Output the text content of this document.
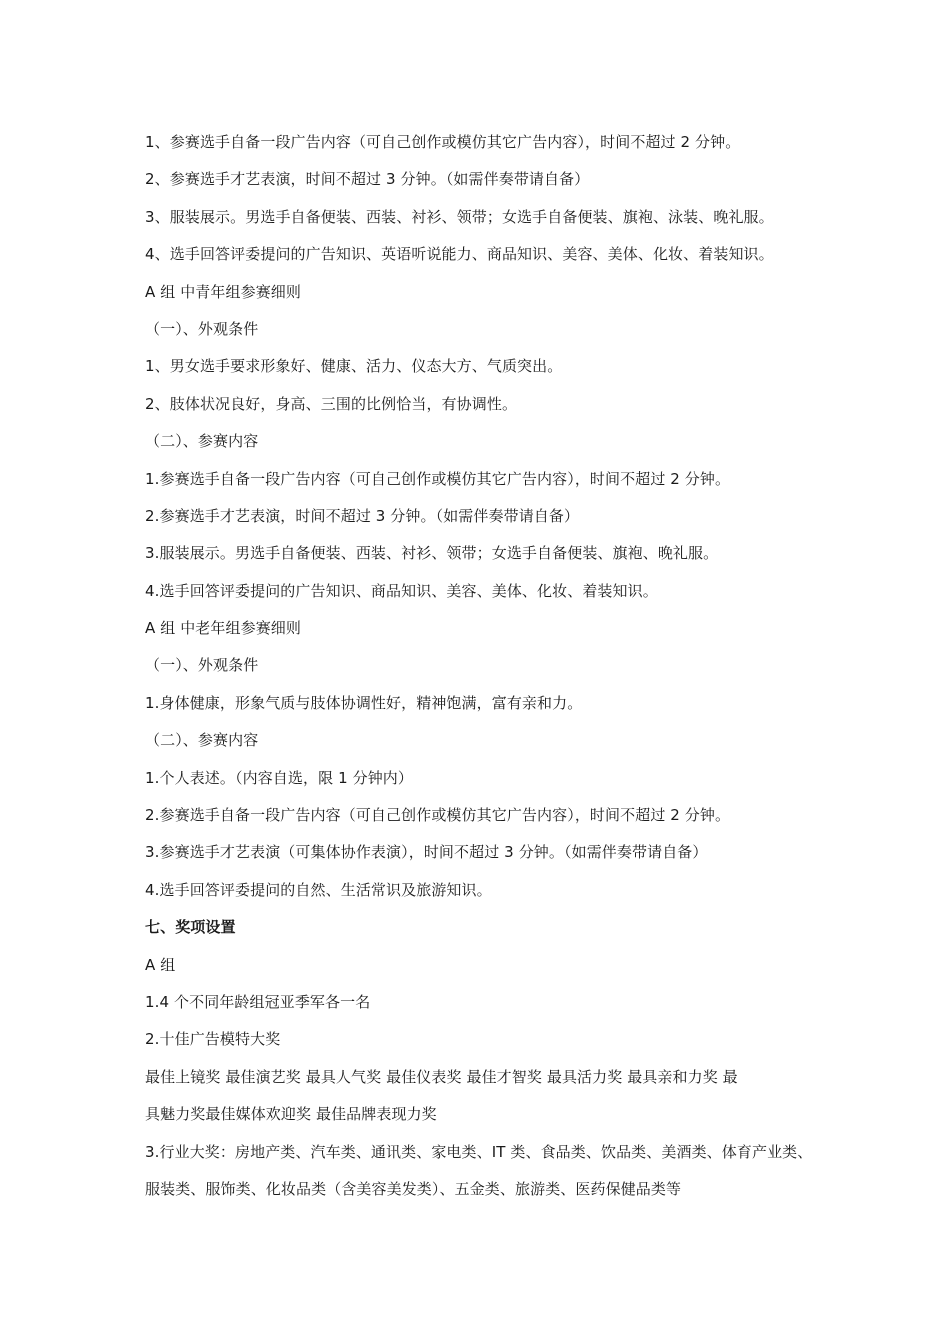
1、参赛选手自备一段广告内容（可自己创作或模仿其它广告内容），时间不超过 2 分钟。
2、参赛选手才艺表演，时间不超过 3 分钟。（如需伴奏带请自备）
3、服装展示。男选手自备便装、西装、衬衫、领带；女选手自备便装、旗袍、泳装、晚礼服。
4、选手回答评委提问的广告知识、英语听说能力、商品知识、美容、美体、化妆、着装知识。
A 组 中青年组参赛细则
（一）、外观条件
1、男女选手要求形象好、健康、活力、仪态大方、气质突出。
2、肢体状况良好，身高、三围的比例恰当，有协调性。
（二）、参赛内容
1.参赛选手自备一段广告内容（可自己创作或模仿其它广告内容），时间不超过 2 分钟。
2.参赛选手才艺表演，时间不超过 3 分钟。（如需伴奏带请自备）
3.服装展示。男选手自备便装、西装、衬衫、领带；女选手自备便装、旗袍、晚礼服。
4.选手回答评委提问的广告知识、商品知识、美容、美体、化妆、着装知识。
A 组 中老年组参赛细则
（一）、外观条件
1.身体健康，形象气质与肢体协调性好，精神饱满，富有亲和力。
（二）、参赛内容
1.个人表述。（内容自选，限 1 分钟内）
2.参赛选手自备一段广告内容（可自己创作或模仿其它广告内容），时间不超过 2 分钟。
3.参赛选手才艺表演（可集体协作表演），时间不超过 3 分钟。（如需伴奏带请自备）
4.选手回答评委提问的自然、生活常识及旅游知识。
七、奖项设置
A 组
1.4 个不同年龄组冠亚季军各一名
2.十佳广告模特大奖
最佳上镜奖 最佳演艺奖 最具人气奖 最佳仪表奖 最佳才智奖 最具活力奖 最具亲和力奖 最
具魅力奖最佳媒体欢迎奖 最佳品牌表现力奖
3.行业大奖：房地产类、汽车类、通讯类、家电类、IT 类、食品类、饮品类、美酒类、体育产业类、
服装类、服饰类、化妆品类（含美容美发类）、五金类、旅游类、医药保健品类等
